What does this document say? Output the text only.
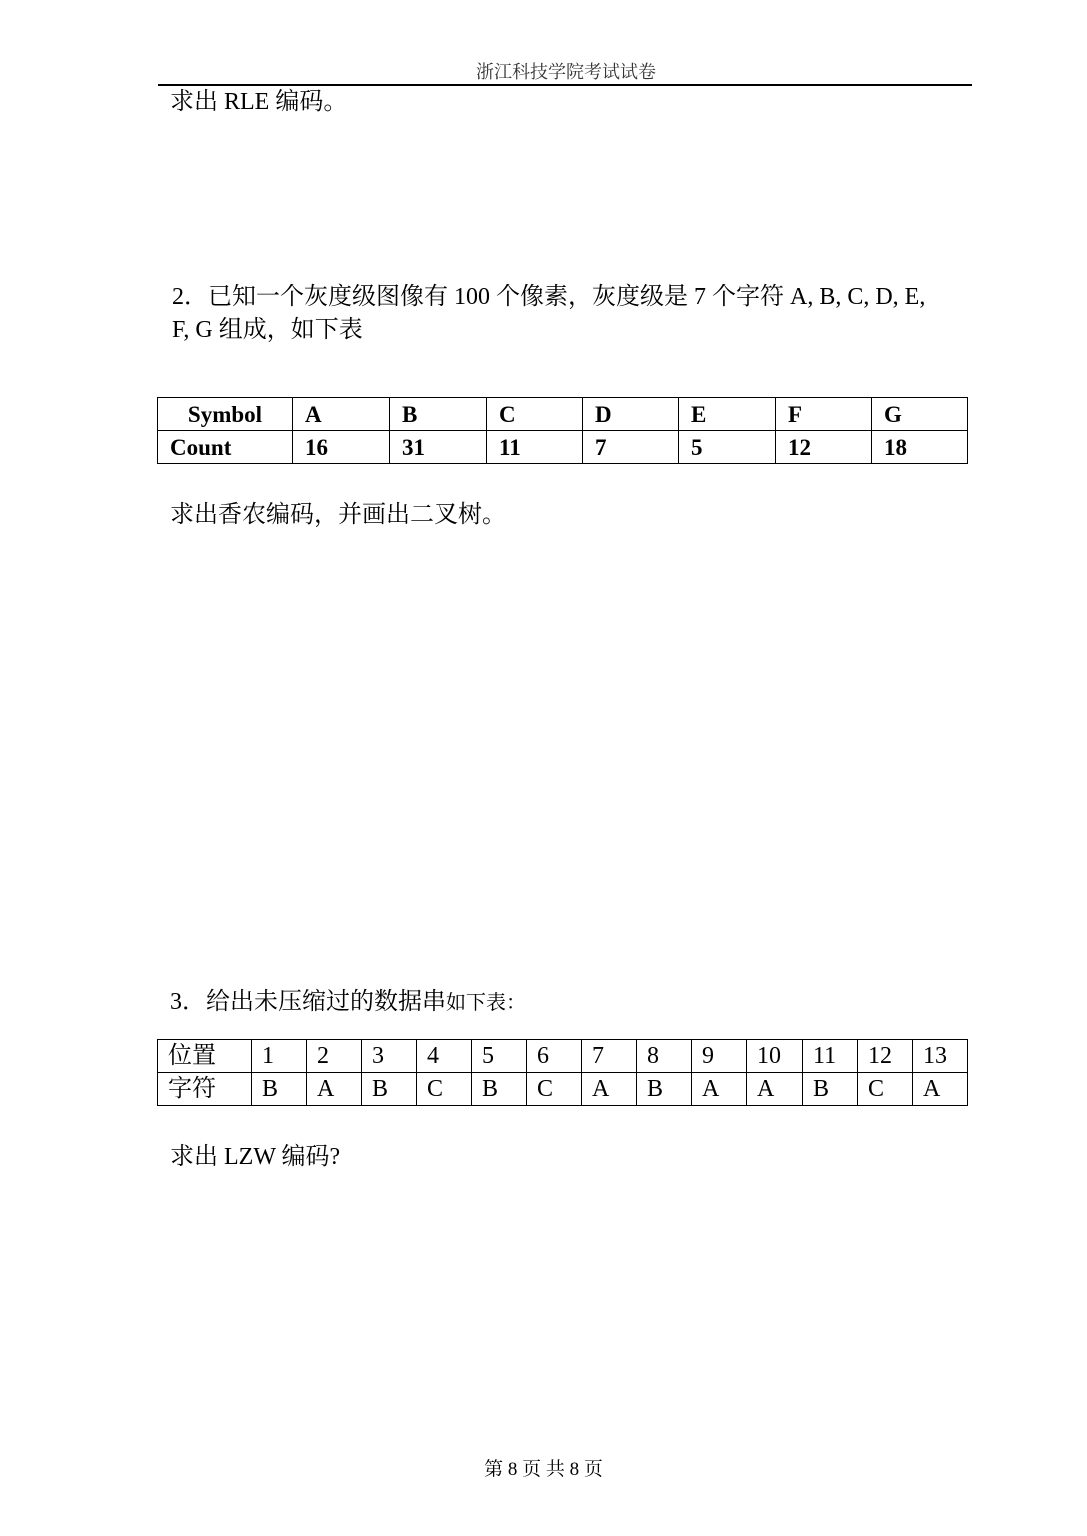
浙江科技学院考试试卷
求出 RLE 编码。
2．已知一个灰度级图像有 100 个像素，灰度级是 7 个字符 A, B, C, D, E,
F, G 组成，如下表
Symbol	A	B	C	D	E	F	G
Count	16	31	11	7	5	12	18
求出香农编码，并画出二叉树。
3．给出未压缩过的数据串如下表：
位置	1	2	3	4	5	6	7	8	9	10	11	12	13
字符	B	A	B	C	B	C	A	B	A	A	B	C	A
求出 LZW 编码?
第 8 页 共 8 页
